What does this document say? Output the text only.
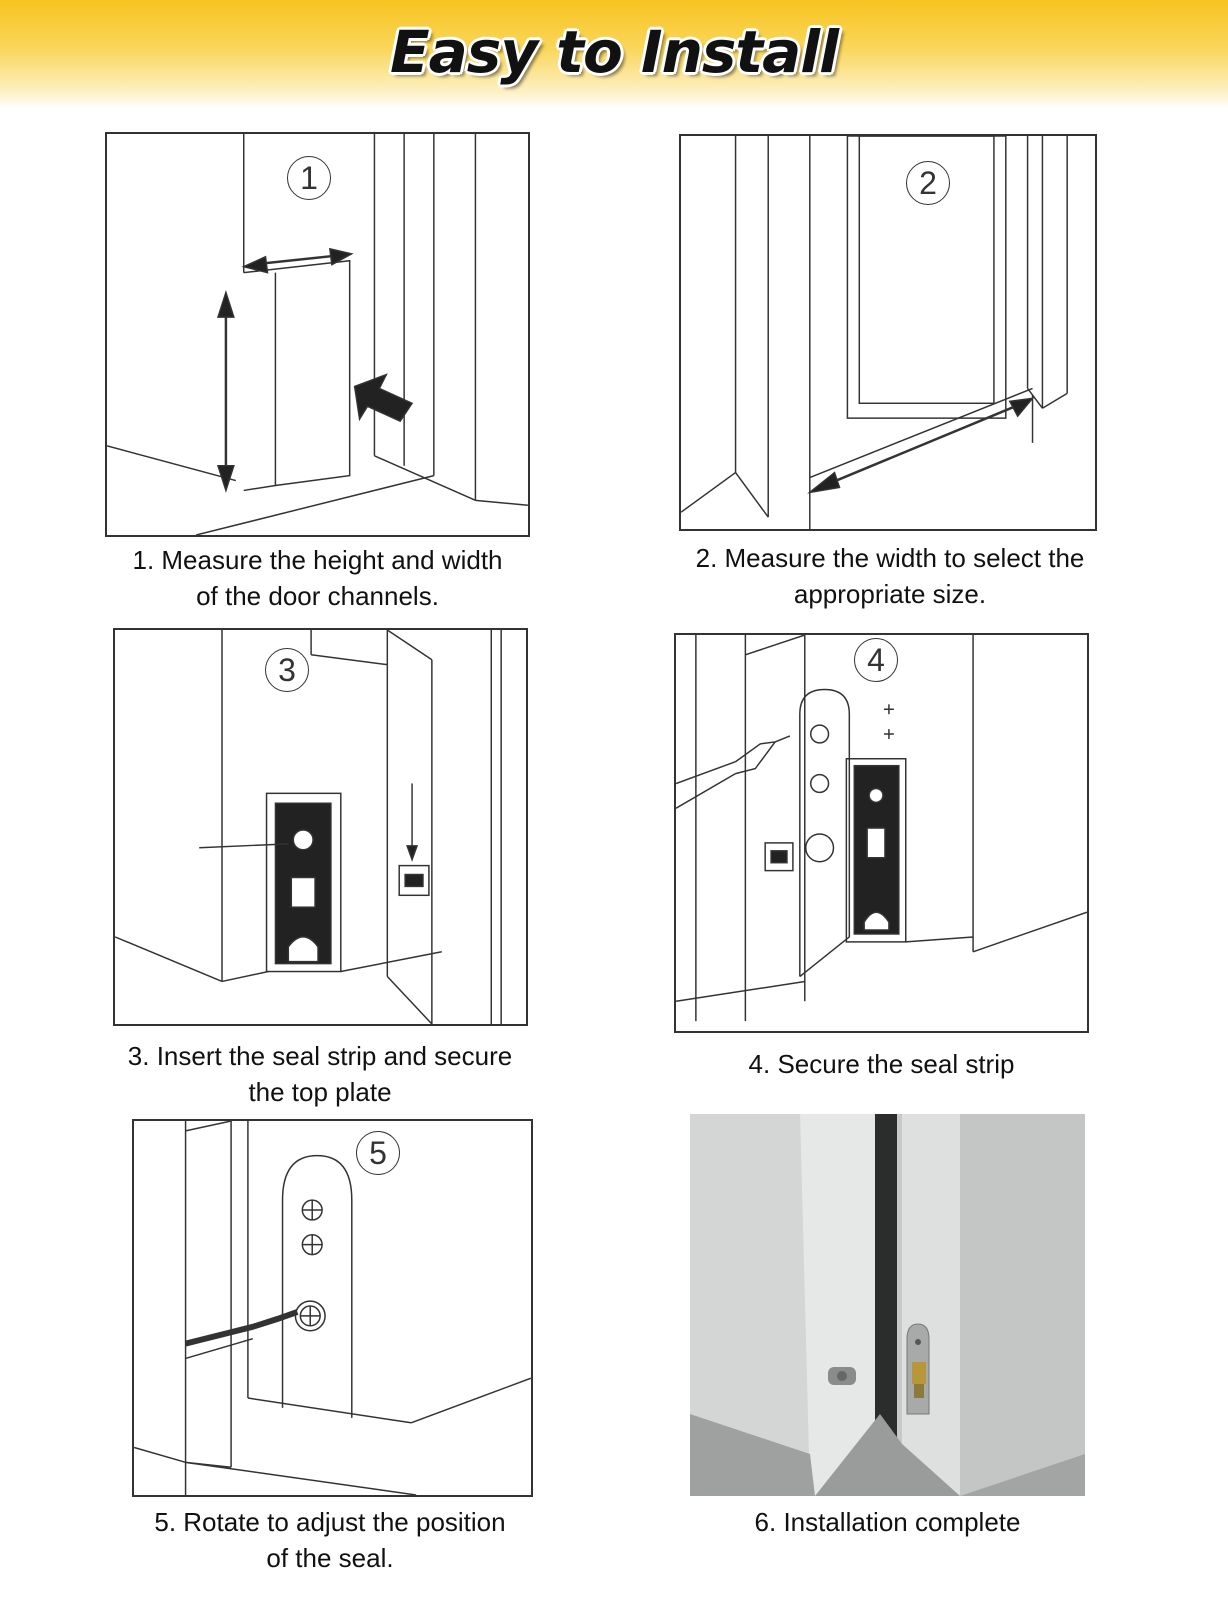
Easy to Install
1
1. Measure the height and width
of the door channels.
2
2. Measure the width to select the
appropriate size.
3
3. Insert the seal strip and secure
the top plate
4
4. Secure the seal strip
5
5. Rotate to adjust the position
of the seal.
6. Installation complete
